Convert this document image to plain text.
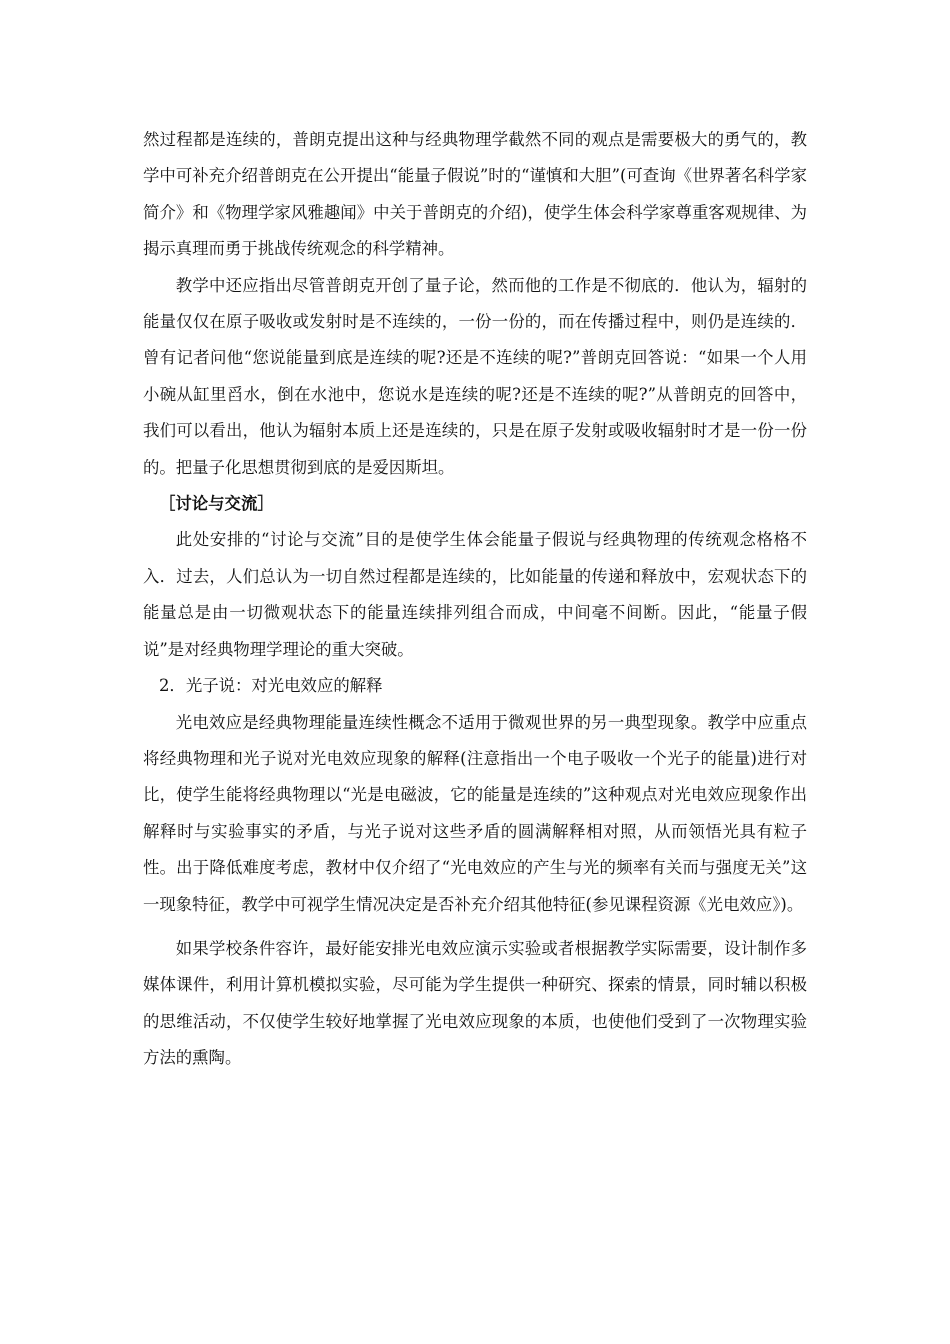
然过程都是连续的，普朗克提出这种与经典物理学截然不同的观点是需要极大的勇气的，教学中可补充介绍普朗克在公开提出“能量子假说”时的“谨慎和大胆”(可查询《世界著名科学家简介》和《物理学家风雅趣闻》中关于普朗克的介绍)，使学生体会科学家尊重客观规律、为揭示真理而勇于挑战传统观念的科学精神。

教学中还应指出尽管普朗克开创了量子论，然而他的工作是不彻底的．他认为，辐射的能量仅仅在原子吸收或发射时是不连续的，一份一份的，而在传播过程中，则仍是连续的．曾有记者问他“您说能量到底是连续的呢?还是不连续的呢?”普朗克回答说：“如果一个人用小碗从缸里舀水，倒在水池中，您说水是连续的呢?还是不连续的呢?”从普朗克的回答中，我们可以看出，他认为辐射本质上还是连续的，只是在原子发射或吸收辐射时才是一份一份的。把量子化思想贯彻到底的是爱因斯坦。

［讨论与交流］

此处安排的“讨论与交流”目的是使学生体会能量子假说与经典物理的传统观念格格不入．过去，人们总认为一切自然过程都是连续的，比如能量的传递和释放中，宏观状态下的能量总是由一切微观状态下的能量连续排列组合而成，中间毫不间断。因此，“能量子假说”是对经典物理学理论的重大突破。

2．光子说：对光电效应的解释

光电效应是经典物理能量连续性概念不适用于微观世界的另一典型现象。教学中应重点将经典物理和光子说对光电效应现象的解释(注意指出一个电子吸收一个光子的能量)进行对比，使学生能将经典物理以“光是电磁波，它的能量是连续的”这种观点对光电效应现象作出解释时与实验事实的矛盾，与光子说对这些矛盾的圆满解释相对照，从而领悟光具有粒子性。出于降低难度考虑，教材中仅介绍了“光电效应的产生与光的频率有关而与强度无关”这一现象特征，教学中可视学生情况决定是否补充介绍其他特征(参见课程资源《光电效应》)。

如果学校条件容许，最好能安排光电效应演示实验或者根据教学实际需要，设计制作多媒体课件，利用计算机模拟实验，尽可能为学生提供一种研究、探索的情景，同时辅以积极的思维活动，不仅使学生较好地掌握了光电效应现象的本质，也使他们受到了一次物理实验方法的熏陶。
